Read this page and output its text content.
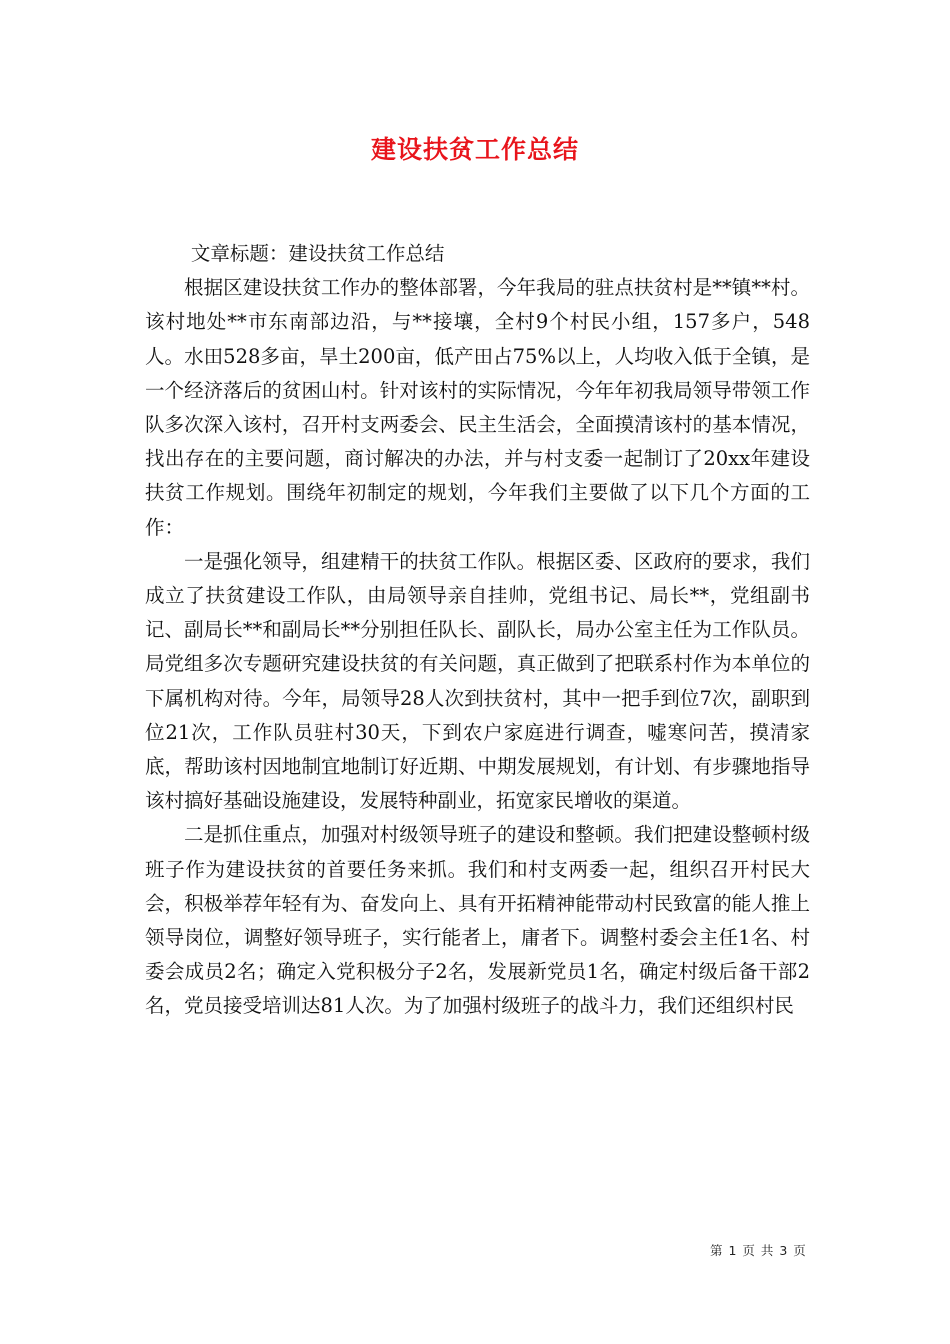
建设扶贫工作总结

文章标题：建设扶贫工作总结

根据区建设扶贫工作办的整体部署，今年我局的驻点扶贫村是**镇**村。该村地处**市东南部边沿，与**接壤，全村9个村民小组，157多户，548人。水田528多亩，旱土200亩，低产田占75%以上，人均收入低于全镇，是一个经济落后的贫困山村。针对该村的实际情况，今年年初我局领导带领工作队多次深入该村，召开村支两委会、民主生活会，全面摸清该村的基本情况，找出存在的主要问题，商讨解决的办法，并与村支委一起制订了20xx年建设扶贫工作规划。围绕年初制定的规划，今年我们主要做了以下几个方面的工作：

一是强化领导，组建精干的扶贫工作队。根据区委、区政府的要求，我们成立了扶贫建设工作队，由局领导亲自挂帅，党组书记、局长**，党组副书记、副局长**和副局长**分别担任队长、副队长，局办公室主任为工作队员。局党组多次专题研究建设扶贫的有关问题，真正做到了把联系村作为本单位的下属机构对待。今年，局领导28人次到扶贫村，其中一把手到位7次，副职到位21次，工作队员驻村30天，下到农户家庭进行调查，嘘寒问苦，摸清家底，帮助该村因地制宜地制订好近期、中期发展规划，有计划、有步骤地指导该村搞好基础设施建设，发展特种副业，拓宽家民增收的渠道。

二是抓住重点，加强对村级领导班子的建设和整顿。我们把建设整顿村级班子作为建设扶贫的首要任务来抓。我们和村支两委一起，组织召开村民大会，积极举荐年轻有为、奋发向上、具有开拓精神能带动村民致富的能人推上领导岗位，调整好领导班子，实行能者上，庸者下。调整村委会主任1名、村委会成员2名；确定入党积极分子2名，发展新党员1名，确定村级后备干部2名，党员接受培训达81人次。为了加强村级班子的战斗力，我们还组织村民

第 1 页 共 3 页
